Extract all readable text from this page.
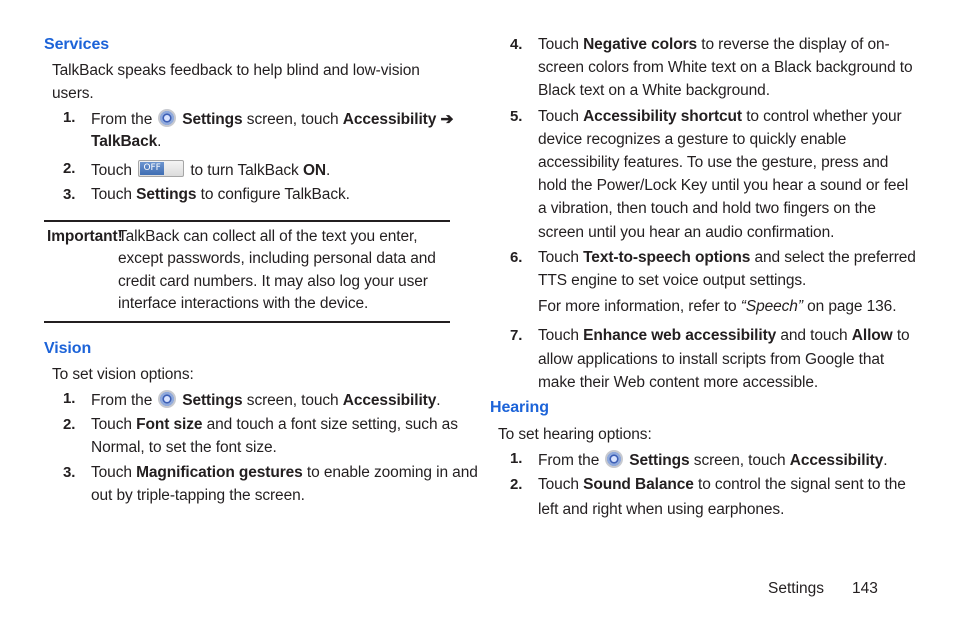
Services
TalkBack speaks feedback to help blind and low-vision
users.
1. From the Settings screen, touch Accessibility ➔
TalkBack.
2. Touch	OFF to turn TalkBack ON.
3. Touch Settings to configure TalkBack.
Important!
TalkBack can collect all of the text you enter,
except passwords, including personal data and
credit card numbers. It may also log your user
interface interactions with the device.
Vision
To set vision options:
1. From the Settings screen, touch Accessibility.
2. Touch Font size and touch a font size setting, such as
Normal, to set the font size.
3. Touch Magnification gestures to enable zooming in and
out by triple-tapping the screen.
4. Touch Negative colors to reverse the display of on-
screen colors from White text on a Black background to
Black text on a White background.
5. Touch Accessibility shortcut to control whether your
device recognizes a gesture to quickly enable
accessibility features. To use the gesture, press and
hold the Power/Lock Key until you hear a sound or feel
a vibration, then touch and hold two fingers on the
screen until you hear an audio confirmation.
6. Touch Text-to-speech options and select the preferred
TTS engine to set voice output settings.
For more information, refer to “Speech” on page 136.
7. Touch Enhance web accessibility and touch Allow to
allow applications to install scripts from Google that
make their Web content more accessible.
Hearing
To set hearing options:
1. From the Settings screen, touch Accessibility.
2. Touch Sound Balance to control the signal sent to the
left and right when using earphones.
Settings 143
